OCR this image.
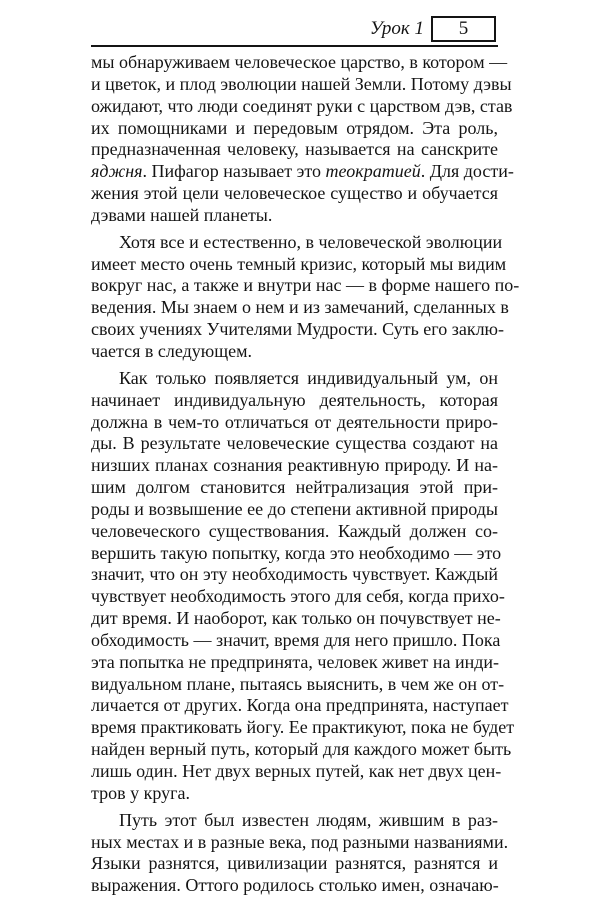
Урок 1	5
мы обнаруживаем человеческое царство, в котором —
и цветок, и плод эволюции нашей Земли. Потому дэвы
ожидают, что люди соединят руки с царством дэв, став
их помощниками и передовым отрядом. Эта роль,
предназначенная человеку, называется на санскрите
яджня. Пифагор называет это теократией. Для дости-
жения этой цели человеческое существо и обучается
дэвами нашей планеты.
Хотя все и естественно, в человеческой эволюции
имеет место очень темный кризис, который мы видим
вокруг нас, а также и внутри нас — в форме нашего по-
ведения. Мы знаем о нем и из замечаний, сделанных в
своих учениях Учителями Мудрости. Суть его заклю-
чается в следующем.
Как только появляется индивидуальный ум, он
начинает индивидуальную деятельность, которая
должна в чем-то отличаться от деятельности приро-
ды. В результате человеческие существа создают на
низших планах сознания реактивную природу. И на-
шим долгом становится нейтрализация этой при-
роды и возвышение ее до степени активной природы
человеческого существования. Каждый должен со-
вершить такую попытку, когда это необходимо — это
значит, что он эту необходимость чувствует. Каждый
чувствует необходимость этого для себя, когда прихо-
дит время. И наоборот, как только он почувствует не-
обходимость — значит, время для него пришло. Пока
эта попытка не предпринята, человек живет на инди-
видуальном плане, пытаясь выяснить, в чем же он от-
личается от других. Когда она предпринята, наступает
время практиковать йогу. Ее практикуют, пока не будет
найден верный путь, который для каждого может быть
лишь один. Нет двух верных путей, как нет двух цен-
тров у круга.
Путь этот был известен людям, жившим в раз-
ных местах и в разные века, под разными названиями.
Языки разнятся, цивилизации разнятся, разнятся и
выражения. Оттого родилось столько имен, означаю-
